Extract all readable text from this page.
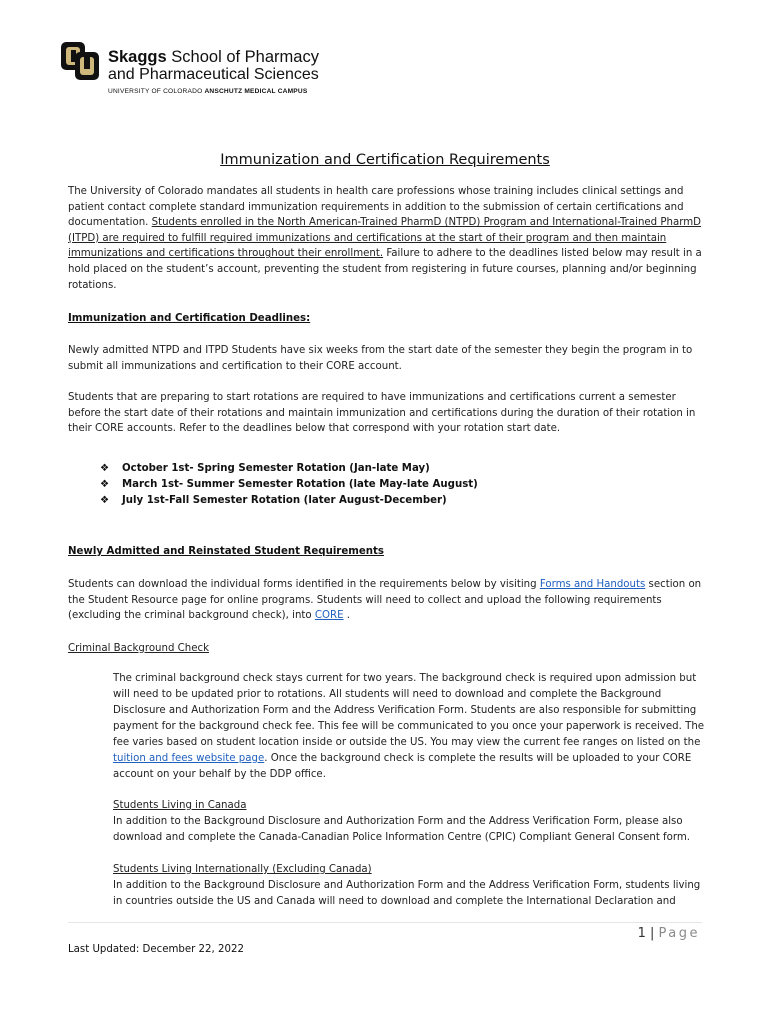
Skaggs School of Pharmacy
and Pharmaceutical Sciences
UNIVERSITY OF COLORADO ANSCHUTZ MEDICAL CAMPUS
Immunization and Certification Requirements
The University of Colorado mandates all students in health care professions whose training includes clinical settings and patient contact complete standard immunization requirements in addition to the submission of certain certifications and documentation. Students enrolled in the North American-Trained PharmD (NTPD) Program and International-Trained PharmD (ITPD) are required to fulfill required immunizations and certifications at the start of their program and then maintain immunizations and certifications throughout their enrollment. Failure to adhere to the deadlines listed below may result in a hold placed on the student’s account, preventing the student from registering in future courses, planning and/or beginning rotations.
Immunization and Certification Deadlines:
Newly admitted NTPD and ITPD Students have six weeks from the start date of the semester they begin the program in to submit all immunizations and certification to their CORE account.
Students that are preparing to start rotations are required to have immunizations and certifications current a semester before the start date of their rotations and maintain immunization and certifications during the duration of their rotation in their CORE accounts. Refer to the deadlines below that correspond with your rotation start date.
❖ October 1st- Spring Semester Rotation (Jan-late May)
❖ March 1st- Summer Semester Rotation (late May-late August)
❖ July 1st-Fall Semester Rotation (later August-December)
Newly Admitted and Reinstated Student Requirements
Students can download the individual forms identified in the requirements below by visiting Forms and Handouts section on the Student Resource page for online programs. Students will need to collect and upload the following requirements (excluding the criminal background check), into CORE .
Criminal Background Check
The criminal background check stays current for two years. The background check is required upon admission but will need to be updated prior to rotations. All students will need to download and complete the Background Disclosure and Authorization Form and the Address Verification Form. Students are also responsible for submitting payment for the background check fee. This fee will be communicated to you once your paperwork is received. The fee varies based on student location inside or outside the US. You may view the current fee ranges on listed on the tuition and fees website page. Once the background check is complete the results will be uploaded to your CORE account on your behalf by the DDP office.
Students Living in Canada
In addition to the Background Disclosure and Authorization Form and the Address Verification Form, please also download and complete the Canada-Canadian Police Information Centre (CPIC) Compliant General Consent form.
Students Living Internationally (Excluding Canada)
In addition to the Background Disclosure and Authorization Form and the Address Verification Form, students living in countries outside the US and Canada will need to download and complete the International Declaration and
1 | Page
Last Updated: December 22, 2022
